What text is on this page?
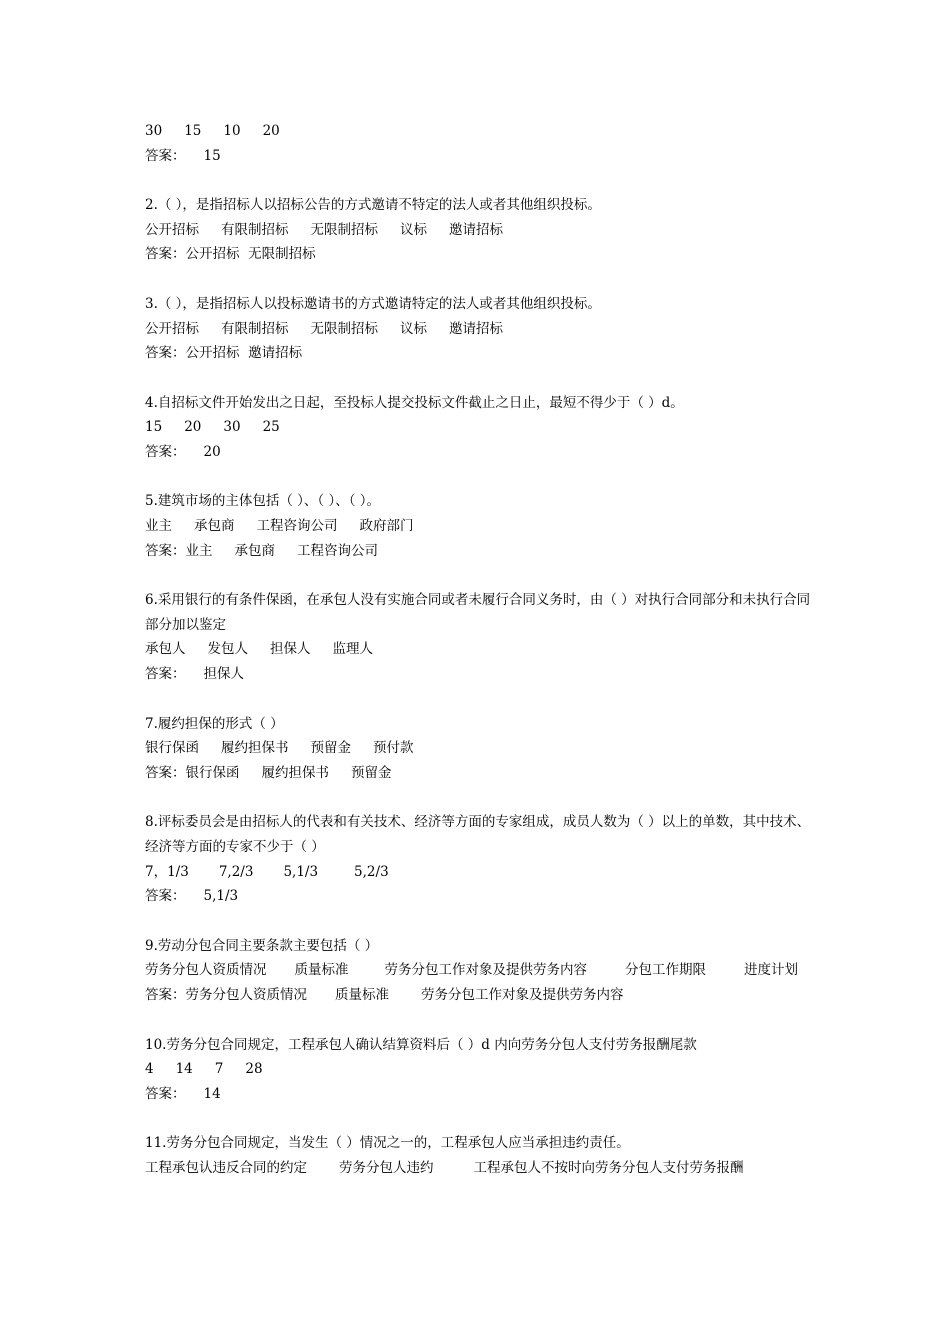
30 15 10 20
答案： 15
2.（ ），是指招标人以招标公告的方式邀请不特定的法人或者其他组织投标。
公开招标 有限制招标 无限制招标 议标 邀请招标
答案：公开招标 无限制招标
3.（ ），是指招标人以投标邀请书的方式邀请特定的法人或者其他组织投标。
公开招标 有限制招标 无限制招标 议标 邀请招标
答案：公开招标 邀请招标
4.自招标文件开始发出之日起，至投标人提交投标文件截止之日止，最短不得少于（ ）d。
15 20 30 25
答案： 20
5.建筑市场的主体包括（ ）、（ ）、（ ）。
业主 承包商 工程咨询公司 政府部门
答案：业主 承包商 工程咨询公司
6.采用银行的有条件保函，在承包人没有实施合同或者未履行合同义务时，由（ ）对执行合同部分和未执行合同部分加以鉴定
承包人 发包人 担保人 监理人
答案： 担保人
7.履约担保的形式（ ）
银行保函 履约担保书 预留金 预付款
答案：银行保函 履约担保书 预留金
8.评标委员会是由招标人的代表和有关技术、经济等方面的专家组成，成员人数为（ ）以上的单数，其中技术、经济等方面的专家不少于（ ）
7，1/3 7,2/3 5,1/3	5,2/3
答案： 5,1/3
9.劳动分包合同主要条款主要包括（ ）
劳务分包人资质情况 质量标准	劳务分包工作对象及提供劳务内容	分包工作期限	进度计划
答案：劳务分包人资质情况 质量标准 劳务分包工作对象及提供劳务内容
10.劳务分包合同规定，工程承包人确认结算资料后（ ）d 内向劳务分包人支付劳务报酬尾款
4 14 7 28
答案： 14
11.劳务分包合同规定，当发生（ ）情况之一的，工程承包人应当承担违约责任。
工程承包认违反合同的约定 劳务分包人违约	工程承包人不按时向劳务分包人支付劳务报酬
